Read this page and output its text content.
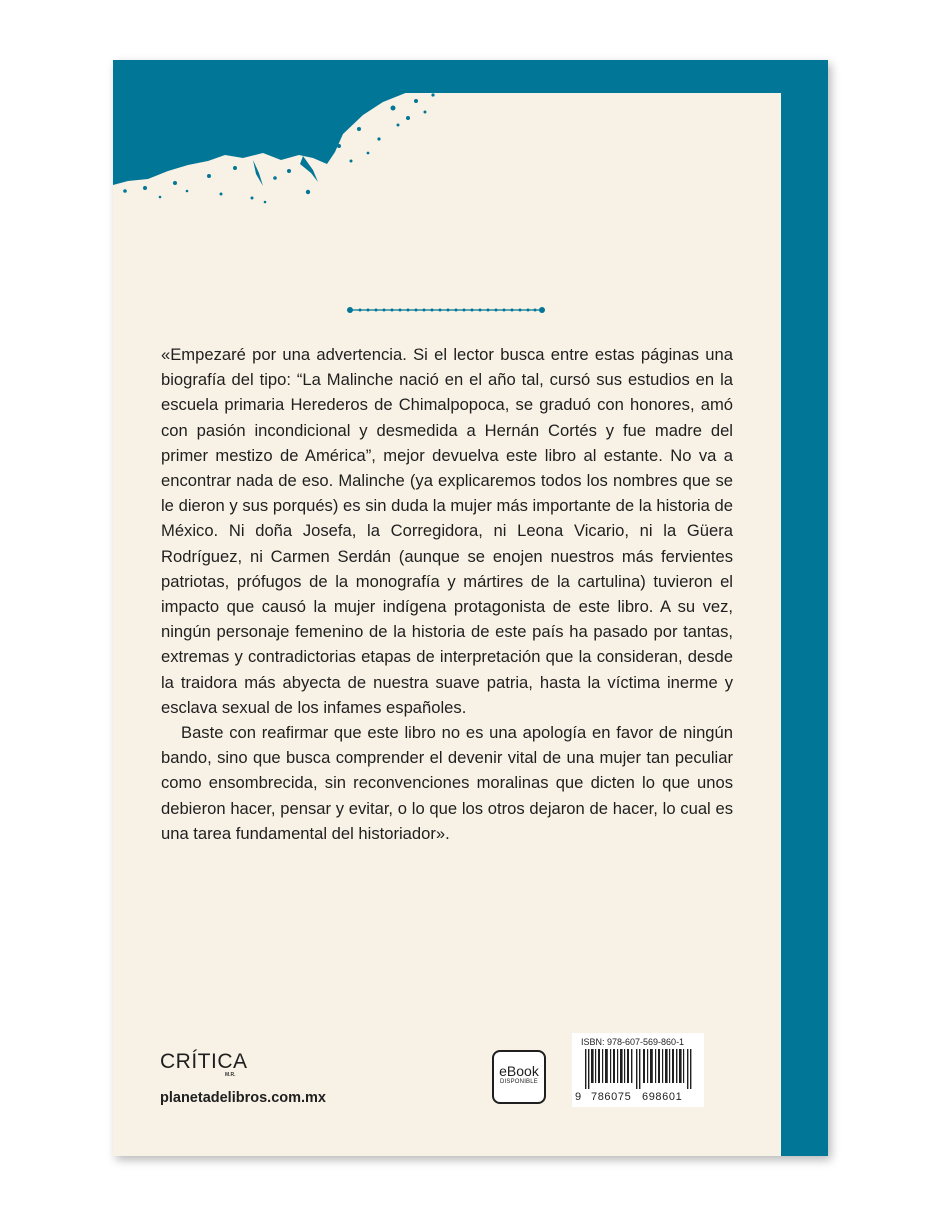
«Empezaré por una advertencia. Si el lector busca entre estas páginas una biografía del tipo: “La Malinche nació en el año tal, cursó sus estudios en la escuela primaria Herederos de Chimalpopoca, se graduó con honores, amó con pasión incondicional y desmedida a Hernán Cortés y fue madre del primer mestizo de América”, mejor devuelva este libro al estante. No va a encontrar nada de eso. Malinche (ya explicaremos todos los nombres que se le dieron y sus porqués) es sin duda la mujer más importante de la historia de México. Ni doña Josefa, la Corregidora, ni Leona Vicario, ni la Güera Rodríguez, ni Carmen Serdán (aunque se enojen nuestros más fervientes patriotas, prófugos de la monografía y mártires de la cartulina) tuvieron el impacto que causó la mujer indígena protagonista de este libro. A su vez, ningún personaje femenino de la historia de este país ha pasado por tantas, extremas y contradictorias etapas de interpretación que la consideran, desde la traidora más abyecta de nuestra suave patria, hasta la víctima inerme y esclava sexual de los infames españoles.

Baste con reafirmar que este libro no es una apología en favor de ningún bando, sino que busca comprender el devenir vital de una mujer tan peculiar como ensombrecida, sin reconvenciones moralinas que dicten lo que unos debieron hacer, pensar y evitar, o lo que los otros dejaron de hacer, lo cual es una tarea fundamental del historiador».

CRÍTICA
M.R.
planetadelibros.com.mx
eBook
DISPONIBLE
ISBN: 978-607-569-860-1
9 786075 698601
